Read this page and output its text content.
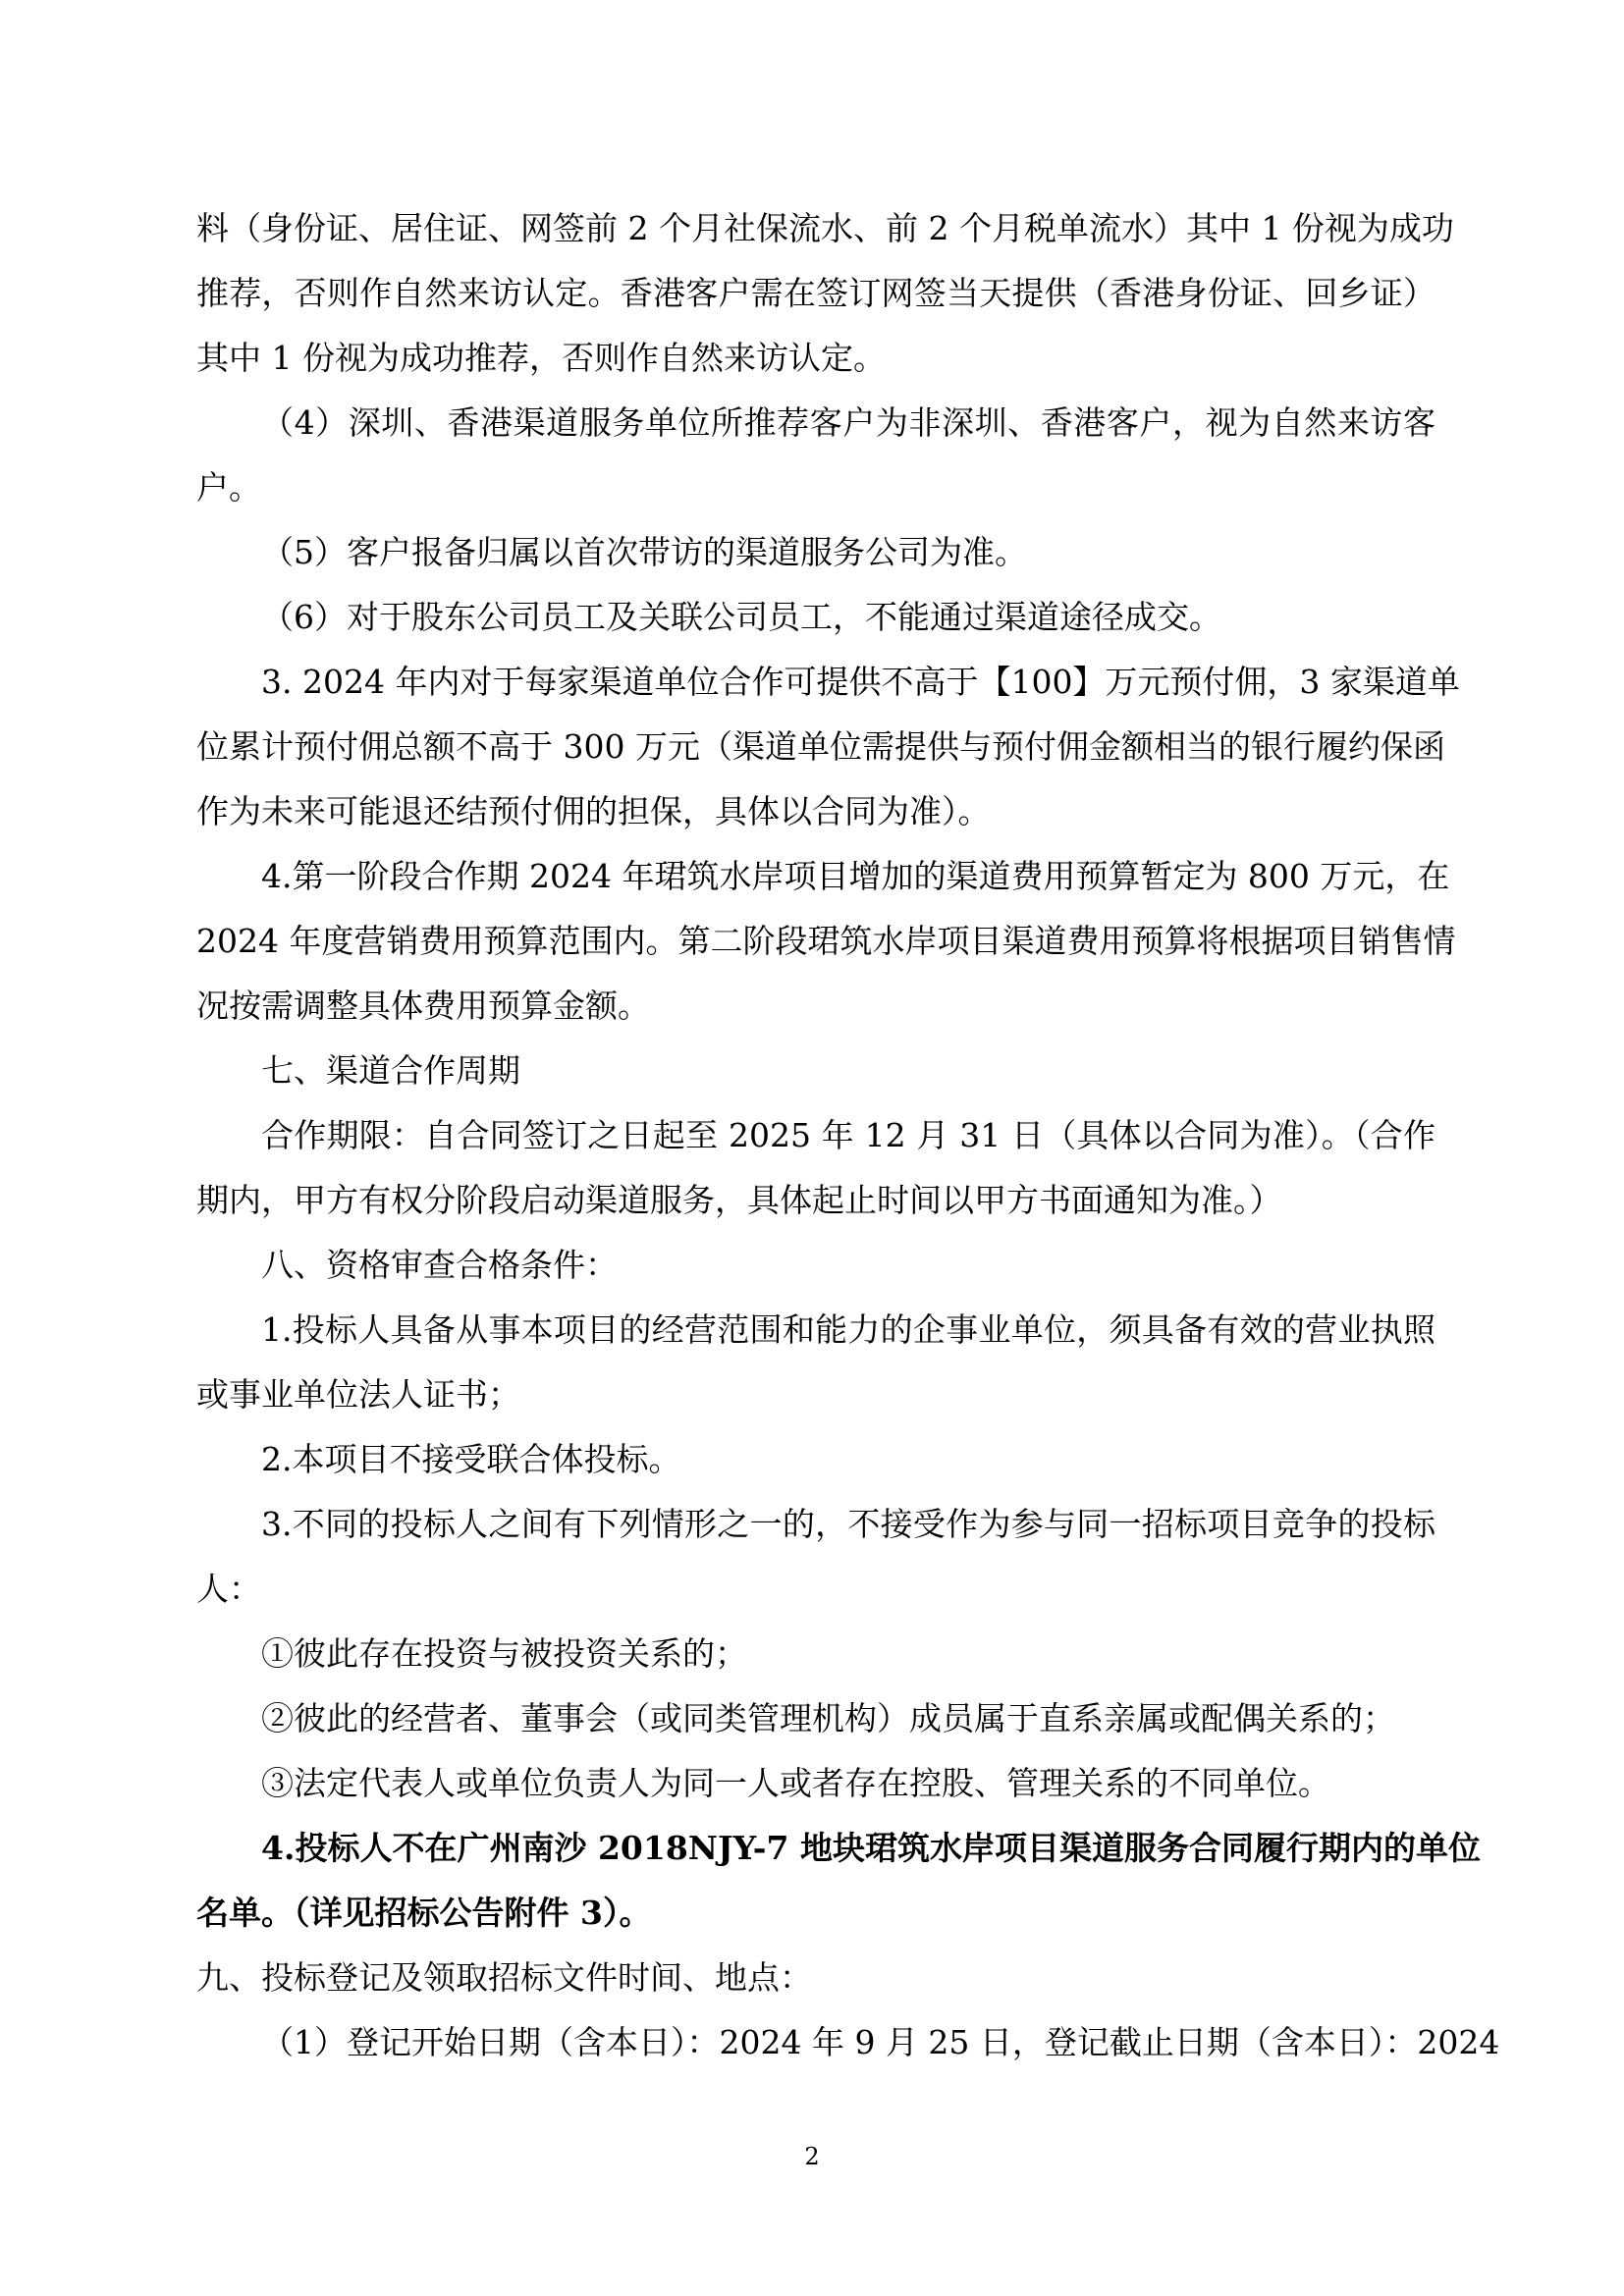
料（身份证、居住证、网签前 2 个月社保流水、前 2 个月税单流水）其中 1 份视为成功
推荐，否则作自然来访认定。香港客户需在签订网签当天提供（香港身份证、回乡证）
其中 1 份视为成功推荐，否则作自然来访认定。
（4）深圳、香港渠道服务单位所推荐客户为非深圳、香港客户，视为自然来访客
户。
（5）客户报备归属以首次带访的渠道服务公司为准。
（6）对于股东公司员工及关联公司员工，不能通过渠道途径成交。
3. 2024 年内对于每家渠道单位合作可提供不高于【100】万元预付佣，3 家渠道单
位累计预付佣总额不高于 300 万元（渠道单位需提供与预付佣金额相当的银行履约保函
作为未来可能退还结预付佣的担保，具体以合同为准）。
4.第一阶段合作期 2024 年珺筑水岸项目增加的渠道费用预算暂定为 800 万元，在
2024 年度营销费用预算范围内。第二阶段珺筑水岸项目渠道费用预算将根据项目销售情
况按需调整具体费用预算金额。
七、渠道合作周期
合作期限：自合同签订之日起至 2025 年 12 月 31 日（具体以合同为准）。（合作
期内，甲方有权分阶段启动渠道服务，具体起止时间以甲方书面通知为准。）
八、资格审查合格条件：
1.投标人具备从事本项目的经营范围和能力的企事业单位，须具备有效的营业执照
或事业单位法人证书；
2.本项目不接受联合体投标。
3.不同的投标人之间有下列情形之一的，不接受作为参与同一招标项目竞争的投标
人：
①彼此存在投资与被投资关系的；
②彼此的经营者、董事会（或同类管理机构）成员属于直系亲属或配偶关系的；
③法定代表人或单位负责人为同一人或者存在控股、管理关系的不同单位。
4.投标人不在广州南沙 2018NJY-7 地块珺筑水岸项目渠道服务合同履行期内的单位
名单。（详见招标公告附件 3）。
九、投标登记及领取招标文件时间、地点：
（1）登记开始日期（含本日）：2024 年 9 月 25 日，登记截止日期（含本日）：2024
2
